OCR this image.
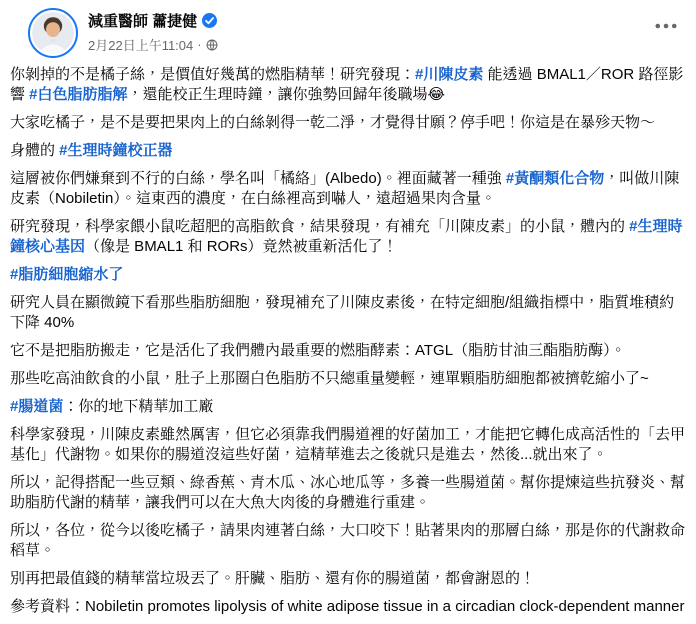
減重醫師 蕭捷健
2月22日上午11:04 ·

你剝掉的不是橘子絲，是價值好幾萬的燃脂精華！研究發現：#川陳皮素 能透過 BMAL1／ROR 路徑影響 #白色脂肪脂解，還能校正生理時鐘，讓你強勢回歸年後職場😂

大家吃橘子，是不是要把果肉上的白絲剝得一乾二淨，才覺得甘願？停手吧！你這是在暴殄天物～

身體的 #生理時鐘校正器

這層被你們嫌棄到不行的白絲，學名叫「橘絡」(Albedo)。裡面藏著一種強 #黃酮類化合物，叫做川陳皮素（Nobiletin）。這東西的濃度，在白絲裡高到嚇人，遠超過果肉含量。

研究發現，科學家餵小鼠吃超肥的高脂飲食，結果發現，有補充「川陳皮素」的小鼠，體內的 #生理時鐘核心基因（像是 BMAL1 和 RORs）竟然被重新活化了！

#脂肪細胞縮水了

研究人員在顯微鏡下看那些脂肪細胞，發現補充了川陳皮素後，在特定細胞/組織指標中，脂質堆積約下降 40%

它不是把脂肪搬走，它是活化了我們體內最重要的燃脂酵素：ATGL（脂肪甘油三酯脂肪酶）。

那些吃高油飲食的小鼠，肚子上那圈白色脂肪不只總重量變輕，連單顆脂肪細胞都被擠乾縮小了~

#腸道菌：你的地下精華加工廠

科學家發現，川陳皮素雖然厲害，但它必須靠我們腸道裡的好菌加工，才能把它轉化成高活性的「去甲基化」代謝物。如果你的腸道沒這些好菌，這精華進去之後就只是進去，然後...就出來了。

所以，記得搭配一些豆類、綠香蕉、青木瓜、冰心地瓜等，多養一些腸道菌。幫你提煉這些抗發炎、幫助脂肪代謝的精華，讓我們可以在大魚大肉後的身體進行重建。

所以，各位，從今以後吃橘子，請果肉連著白絲，大口咬下！貼著果肉的那層白絲，那是你的代謝救命稻草。

別再把最值錢的精華當垃圾丟了。肝臟、脂肪、還有你的腸道菌，都會謝恩的！

參考資料：Nobiletin promotes lipolysis of white adipose tissue in a circadian clock-dependent manner
